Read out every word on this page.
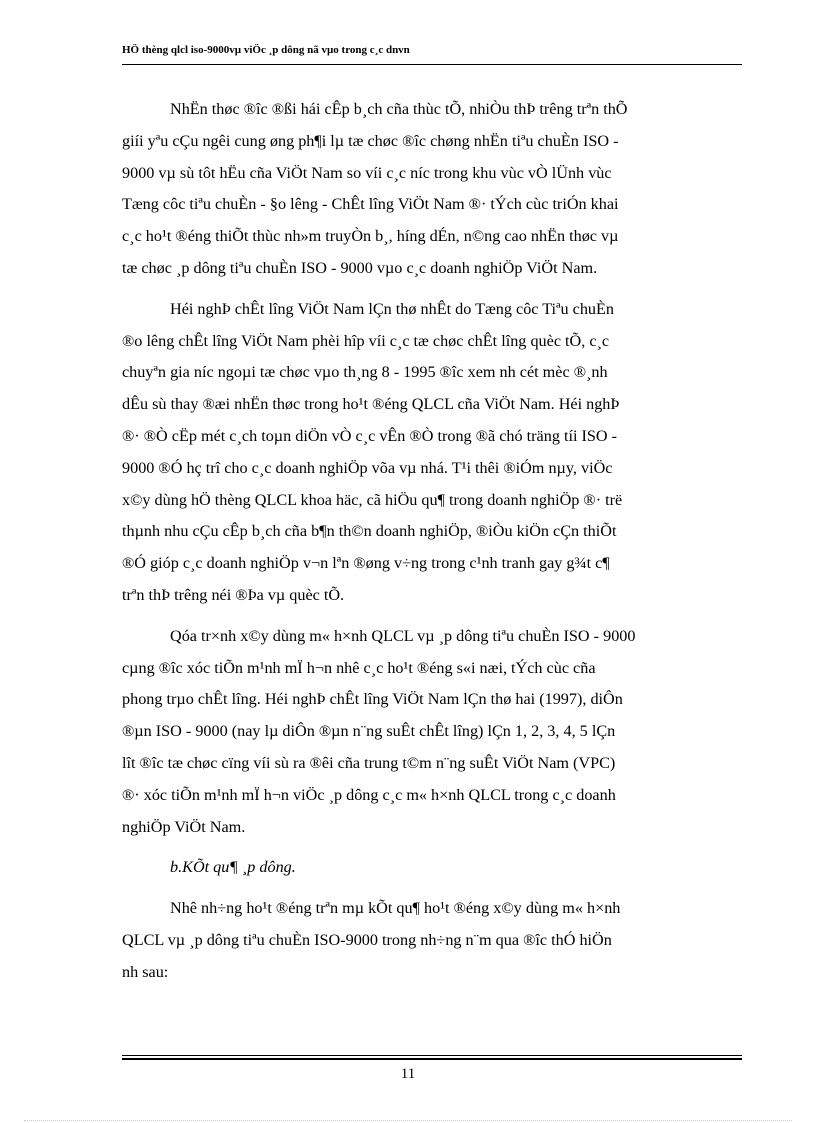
HÖ thèng qlcl iso-9000vµ viÖc ¸p dông nã vµo trong c¸c dnvn
NhËn thøc ®îc ®ßi hái cÊp b¸ch cña thùc tÕ, nhiÒu thÞ trêng trªn thÕ
giíi yªu cÇu ngêi cung øng ph¶i lµ tæ chøc ®îc chøng nhËn tiªu chuÈn ISO -
9000 vµ sù tôt hËu cña ViÖt Nam so víi c¸c níc trong khu vùc vÒ lÜnh vùc
Tæng côc tiªu chuÈn - §o lêng - ChÊt lîng ViÖt Nam ®· tÝch cùc triÓn khai
c¸c ho¹t ®éng thiÕt thùc nh»m truyÒn b¸, híng dÉn, n©ng cao nhËn thøc vµ
tæ chøc ¸p dông tiªu chuÈn ISO - 9000 vµo c¸c doanh nghiÖp ViÖt Nam.
Héi nghÞ chÊt lîng ViÖt Nam lÇn thø nhÊt do Tæng côc Tiªu chuÈn
®o lêng chÊt lîng ViÖt Nam phèi hîp víi c¸c tæ chøc chÊt lîng quèc tÕ, c¸c
chuyªn gia níc ngoµi tæ chøc vµo th¸ng 8 - 1995 ®îc xem nh cét mèc ®¸nh
dÊu sù thay ®æi nhËn thøc trong ho¹t ®éng QLCL cña ViÖt Nam. Héi nghÞ
®· ®Ò cËp mét c¸ch toµn diÖn vÒ c¸c vÊn ®Ò trong ®ã chó träng tíi ISO -
9000 ®Ó hç trî cho c¸c doanh nghiÖp võa vµ nhá. T¹i thêi ®iÓm nµy, viÖc
x©y dùng hÖ thèng QLCL khoa häc, cã hiÖu qu¶ trong doanh nghiÖp ®· trë
thµnh nhu cÇu cÊp b¸ch cña b¶n th©n doanh nghiÖp, ®iÒu kiÖn cÇn thiÕt
®Ó gióp c¸c doanh nghiÖp v¬n lªn ®øng v÷ng trong c¹nh tranh gay g¾t c¶
trªn thÞ trêng néi ®Þa vµ quèc tÕ.
Qóa tr×nh x©y dùng m« h×nh QLCL vµ ¸p dông tiªu chuÈn ISO - 9000
cµng ®îc xóc tiÕn m¹nh mÏ h¬n nhê c¸c ho¹t ®éng s«i næi, tÝch cùc cña
phong trµo chÊt lîng. Héi nghÞ chÊt lîng ViÖt Nam lÇn thø hai (1997), diÔn
®µn ISO - 9000 (nay lµ diÔn ®µn n¨ng suÊt chÊt lîng) lÇn 1, 2, 3, 4, 5 lÇn
lît ®îc tæ chøc cïng víi sù ra ®êi cña trung t©m n¨ng suÊt ViÖt Nam (VPC)
®· xóc tiÕn m¹nh mÏ h¬n viÖc ¸p dông c¸c m« h×nh QLCL trong c¸c doanh
nghiÖp ViÖt Nam.
b.KÕt qu¶ ¸p dông.
Nhê nh÷ng ho¹t ®éng trªn mµ kÕt qu¶ ho¹t ®éng x©y dùng m« h×nh
QLCL vµ ¸p dông tiªu chuÈn ISO-9000 trong nh÷ng n¨m qua ®îc thÓ hiÖn
nh sau:
11
